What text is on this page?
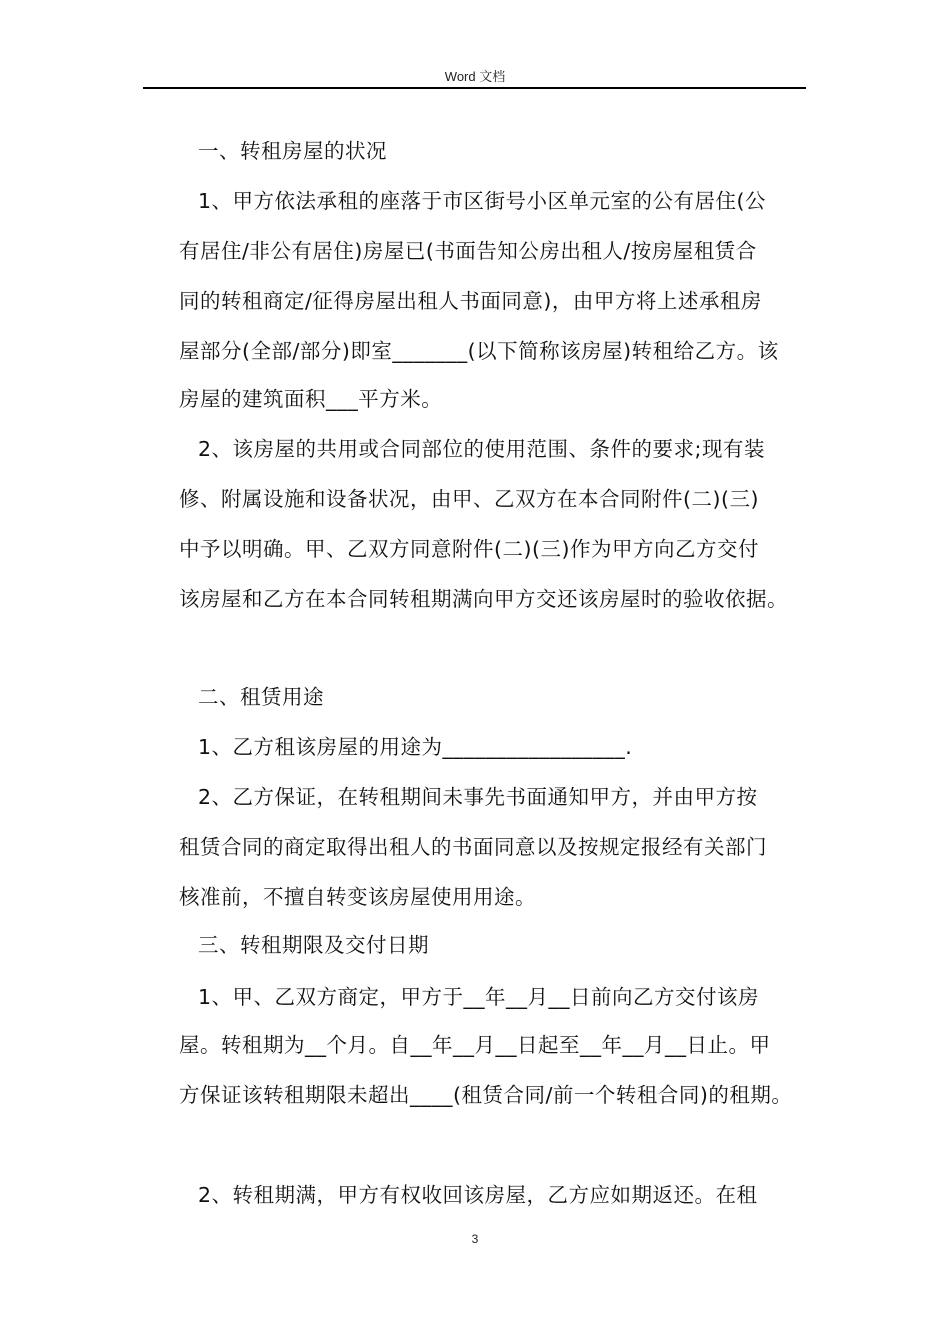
Word 文档
一、转租房屋的状况
1、甲方依法承租的座落于市区街号小区单元室的公有居住(公
有居住/非公有居住)房屋已(书面告知公房出租人/按房屋租赁合
同的转租商定/征得房屋出租人书面同意)，由甲方将上述承租房
屋部分(全部/部分)即室_______(以下简称该房屋)转租给乙方。该
房屋的建筑面积___平方米。
2、该房屋的共用或合同部位的使用范围、条件的要求;现有装
修、附属设施和设备状况，由甲、乙双方在本合同附件(二)(三)
中予以明确。甲、乙双方同意附件(二)(三)作为甲方向乙方交付
该房屋和乙方在本合同转租期满向甲方交还该房屋时的验收依据。
二、租赁用途
1、乙方租该房屋的用途为_________________.
2、乙方保证，在转租期间未事先书面通知甲方，并由甲方按
租赁合同的商定取得出租人的书面同意以及按规定报经有关部门
核准前，不擅自转变该房屋使用用途。
三、转租期限及交付日期
1、甲、乙双方商定，甲方于__年__月__日前向乙方交付该房
屋。转租期为__个月。自__年__月__日起至__年__月__日止。甲
方保证该转租期限未超出____(租赁合同/前一个转租合同)的租期。
2、转租期满，甲方有权收回该房屋，乙方应如期返还。在租
3
